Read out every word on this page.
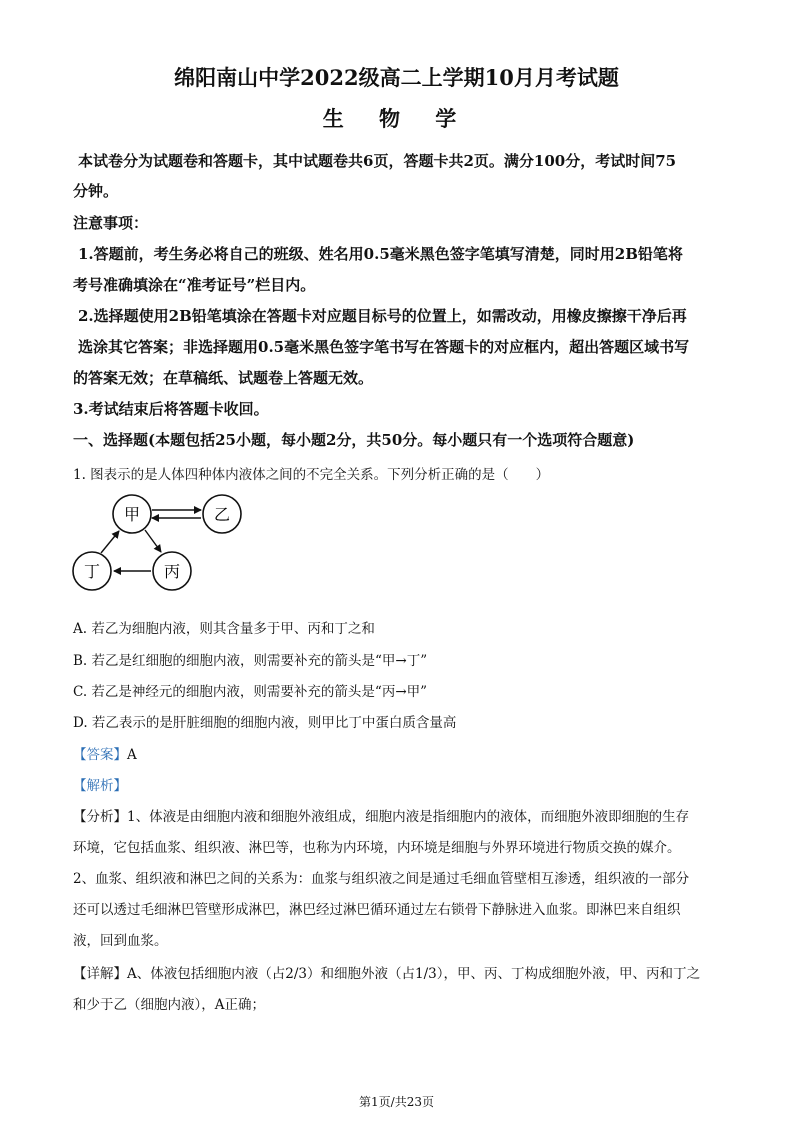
绵阳南山中学2022级高二上学期10月月考试题
生 物 学
本试卷分为试题卷和答题卡，其中试题卷共6页，答题卡共2页。满分100分，考试时间75
分钟。
注意事项：
1.答题前，考生务必将自己的班级、姓名用0.5毫米黑色签字笔填写清楚，同时用2B铅笔将
考号准确填涂在“准考证号”栏目内。
2.选择题使用2B铅笔填涂在答题卡对应题目标号的位置上，如需改动，用橡皮擦擦干净后再
选涂其它答案；非选择题用0.5毫米黑色签字笔书写在答题卡的对应框内，超出答题区域书写
的答案无效；在草稿纸、试题卷上答题无效。
3.考试结束后将答题卡收回。
一、选择题(本题包括25小题，每小题2分，共50分。每小题只有一个选项符合题意)
1. 图表示的是人体四种体内液体之间的不完全关系。下列分析正确的是（　　）
甲	乙
丁	丙
A. 若乙为细胞内液，则其含量多于甲、丙和丁之和
B. 若乙是红细胞的细胞内液，则需要补充的箭头是“甲→丁”
C. 若乙是神经元的细胞内液，则需要补充的箭头是“丙→甲”
D. 若乙表示的是肝脏细胞的细胞内液，则甲比丁中蛋白质含量高
【答案】A
【解析】
【分析】1、体液是由细胞内液和细胞外液组成，细胞内液是指细胞内的液体，而细胞外液即细胞的生存
环境，它包括血浆、组织液、淋巴等，也称为内环境，内环境是细胞与外界环境进行物质交换的媒介。
2、血浆、组织液和淋巴之间的关系为：血浆与组织液之间是通过毛细血管壁相互渗透，组织液的一部分
还可以透过毛细淋巴管壁形成淋巴，淋巴经过淋巴循环通过左右锁骨下静脉进入血浆。即淋巴来自组织
液，回到血浆。
【详解】A、体液包括细胞内液（占2/3）和细胞外液（占1/3），甲、丙、丁构成细胞外液，甲、丙和丁之
和少于乙（细胞内液），A正确；
第1页/共23页
